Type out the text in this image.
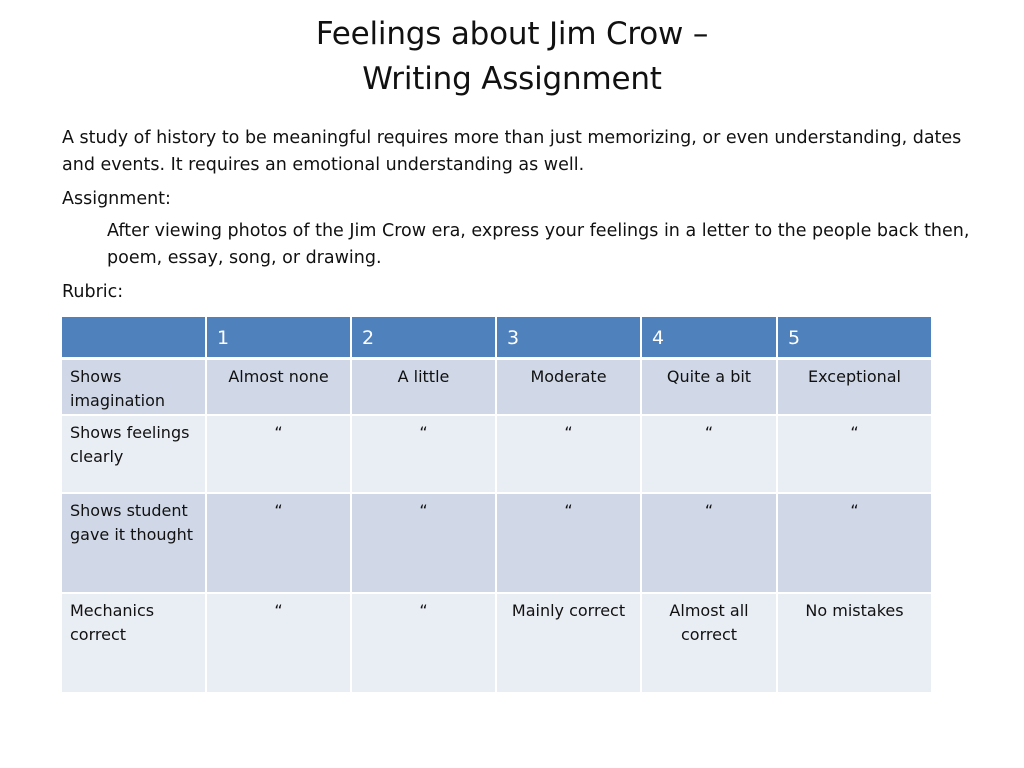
Feelings about Jim Crow –
Writing Assignment
A study of history to be meaningful requires more than just memorizing, or even understanding, dates and events. It requires an emotional understanding as well.
Assignment:
After viewing photos of the Jim Crow era, express your feelings in a letter to the people back then, poem, essay, song, or drawing.
Rubric:
	1	2	3	4	5
Shows imagination	Almost none	A little	Moderate	Quite a bit	Exceptional
Shows feelings clearly	“	“	“	“	“
Shows student gave it thought	“	“	“	“	“
Mechanics correct	“	“	Mainly correct	Almost all correct	No mistakes
